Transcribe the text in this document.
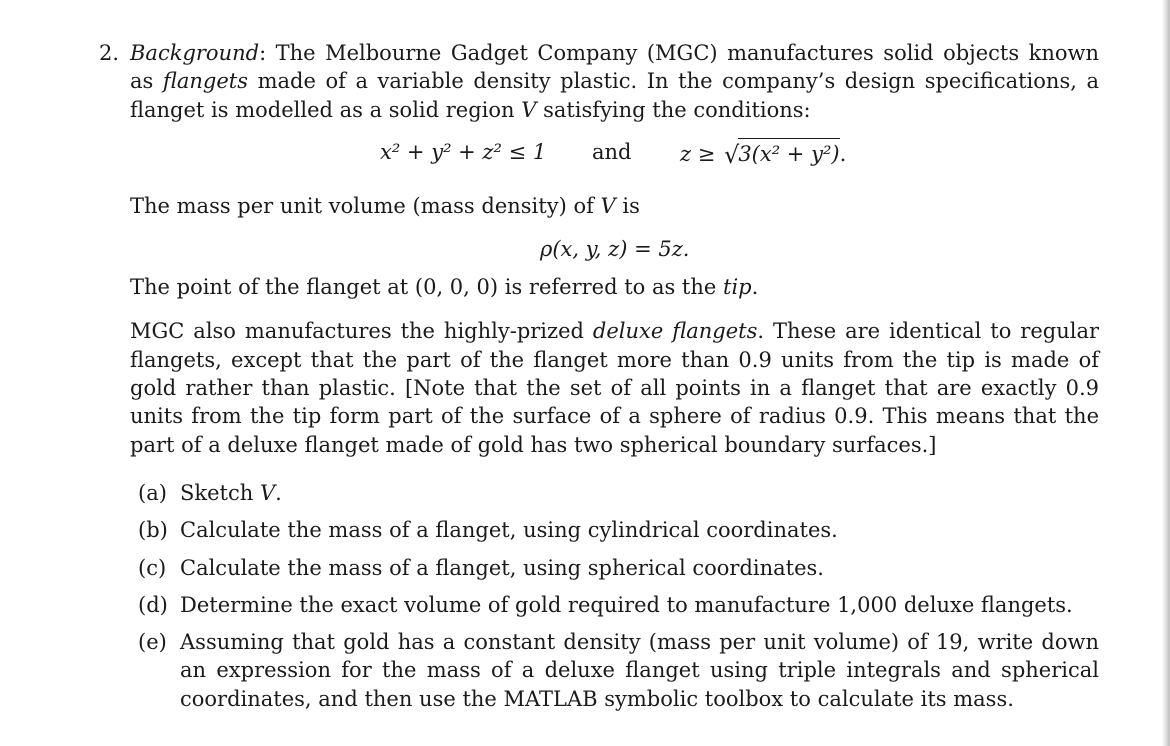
2. Background: The Melbourne Gadget Company (MGC) manufactures solid objects known as flangets made of a variable density plastic. In the company’s design specifications, a flanget is modelled as a solid region V satisfying the conditions:
x² + y² + z² ≤ 1 and z ≥ √3(x² + y²).
The mass per unit volume (mass density) of V is
ρ(x, y, z) = 5z.
The point of the flanget at (0, 0, 0) is referred to as the tip.
MGC also manufactures the highly-prized deluxe flangets. These are identical to regular flangets, except that the part of the flanget more than 0.9 units from the tip is made of gold rather than plastic. [Note that the set of all points in a flanget that are exactly 0.9 units from the tip form part of the surface of a sphere of radius 0.9. This means that the part of a deluxe flanget made of gold has two spherical boundary surfaces.]
(a) Sketch V.
(b) Calculate the mass of a flanget, using cylindrical coordinates.
(c) Calculate the mass of a flanget, using spherical coordinates.
(d) Determine the exact volume of gold required to manufacture 1,000 deluxe flangets.
(e) Assuming that gold has a constant density (mass per unit volume) of 19, write down an expression for the mass of a deluxe flanget using triple integrals and spherical coordinates, and then use the MATLAB symbolic toolbox to calculate its mass.
